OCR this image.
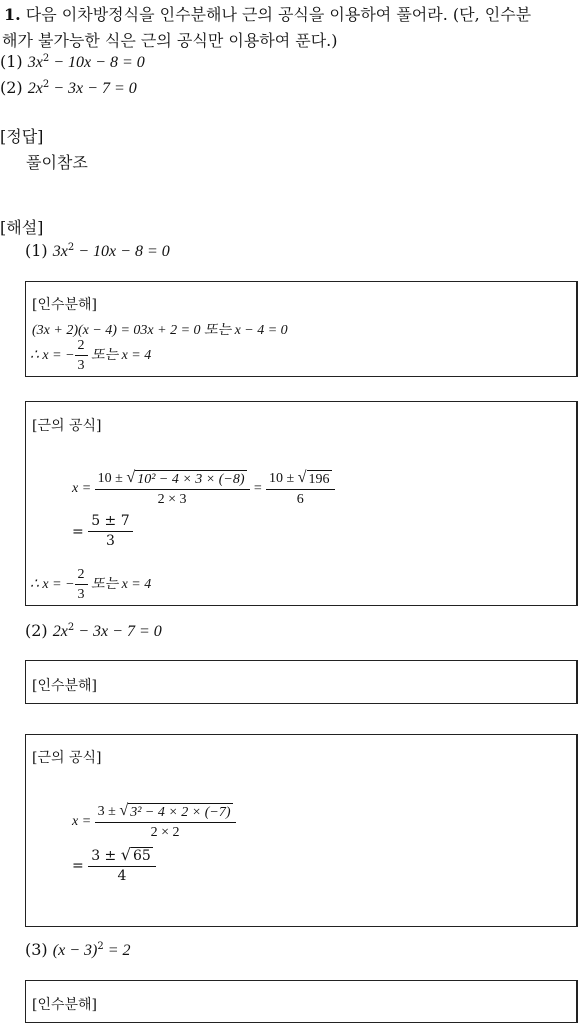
1. 다음 이차방정식을 인수분해나 근의 공식을 이용하여 풀어라. (단, 인수분
해가 불가능한 식은 근의 공식만 이용하여 푼다.)
(1) $3x^2 - 10x - 8 = 0$
(2) $2x^2 - 3x - 7 = 0$
[정답]
풀이참조
[해설]
(1) $3x^2 - 10x - 8 = 0$
[인수분해]
(3x + 2)(x − 4) = 03x + 2 = 0 또는 x − 4 = 0
∴ x = − $\frac{2}{3}$ 또는 x = 4
[근의 공식]
$x = \frac{\text{10 ± √ 10² − 4 × 3 × (−8)}}{2 \times 3} = \frac{10 \pm √ 196}{6}$
= $\frac{5 \pm 7}{3}$
∴ x = − $\frac{2}{3}$ 또는 x = 4
(2) $2x^2 - 3x - 7 = 0$
[인수분해]
[근의 공식]
$x = \frac{\text{3 ± √ 3² − 4 × 2 × (−7)}}{2 \times 2}$
= $\frac{3 \pm √ 65}{4}$
(3) $(x - 3)^2 = 2$
[인수분해]
